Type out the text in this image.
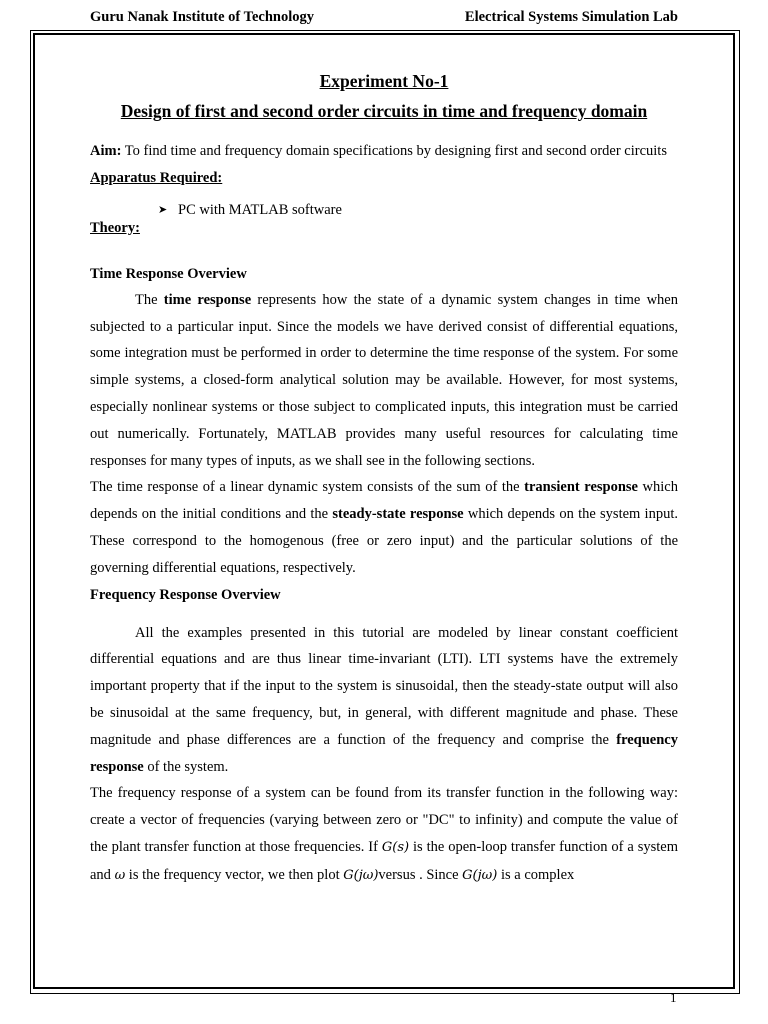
Guru Nanak Institute of Technology	Electrical Systems Simulation Lab

Experiment No-1

Design of first and second order circuits in time and frequency domain

Aim: To find time and frequency domain specifications by designing first and second order circuits

Apparatus Required:

➤ PC with MATLAB software

Theory:

Time Response Overview

The time response represents how the state of a dynamic system changes in time when subjected to a particular input. Since the models we have derived consist of differential equations, some integration must be performed in order to determine the time response of the system. For some simple systems, a closed-form analytical solution may be available. However, for most systems, especially nonlinear systems or those subject to complicated inputs, this integration must be carried out numerically. Fortunately, MATLAB provides many useful resources for calculating time responses for many types of inputs, as we shall see in the following sections.

The time response of a linear dynamic system consists of the sum of the transient response which depends on the initial conditions and the steady-state response which depends on the system input. These correspond to the homogenous (free or zero input) and the particular solutions of the governing differential equations, respectively.

Frequency Response Overview

All the examples presented in this tutorial are modeled by linear constant coefficient differential equations and are thus linear time-invariant (LTI). LTI systems have the extremely important property that if the input to the system is sinusoidal, then the steady-state output will also be sinusoidal at the same frequency, but, in general, with different magnitude and phase. These magnitude and phase differences are a function of the frequency and comprise the frequency response of the system.

The frequency response of a system can be found from its transfer function in the following way: create a vector of frequencies (varying between zero or "DC" to infinity) and compute the value of the plant transfer function at those frequencies. If G(s) is the open-loop transfer function of a system and ω is the frequency vector, we then plot G(jω)versus . Since G(jω) is a complex

1
